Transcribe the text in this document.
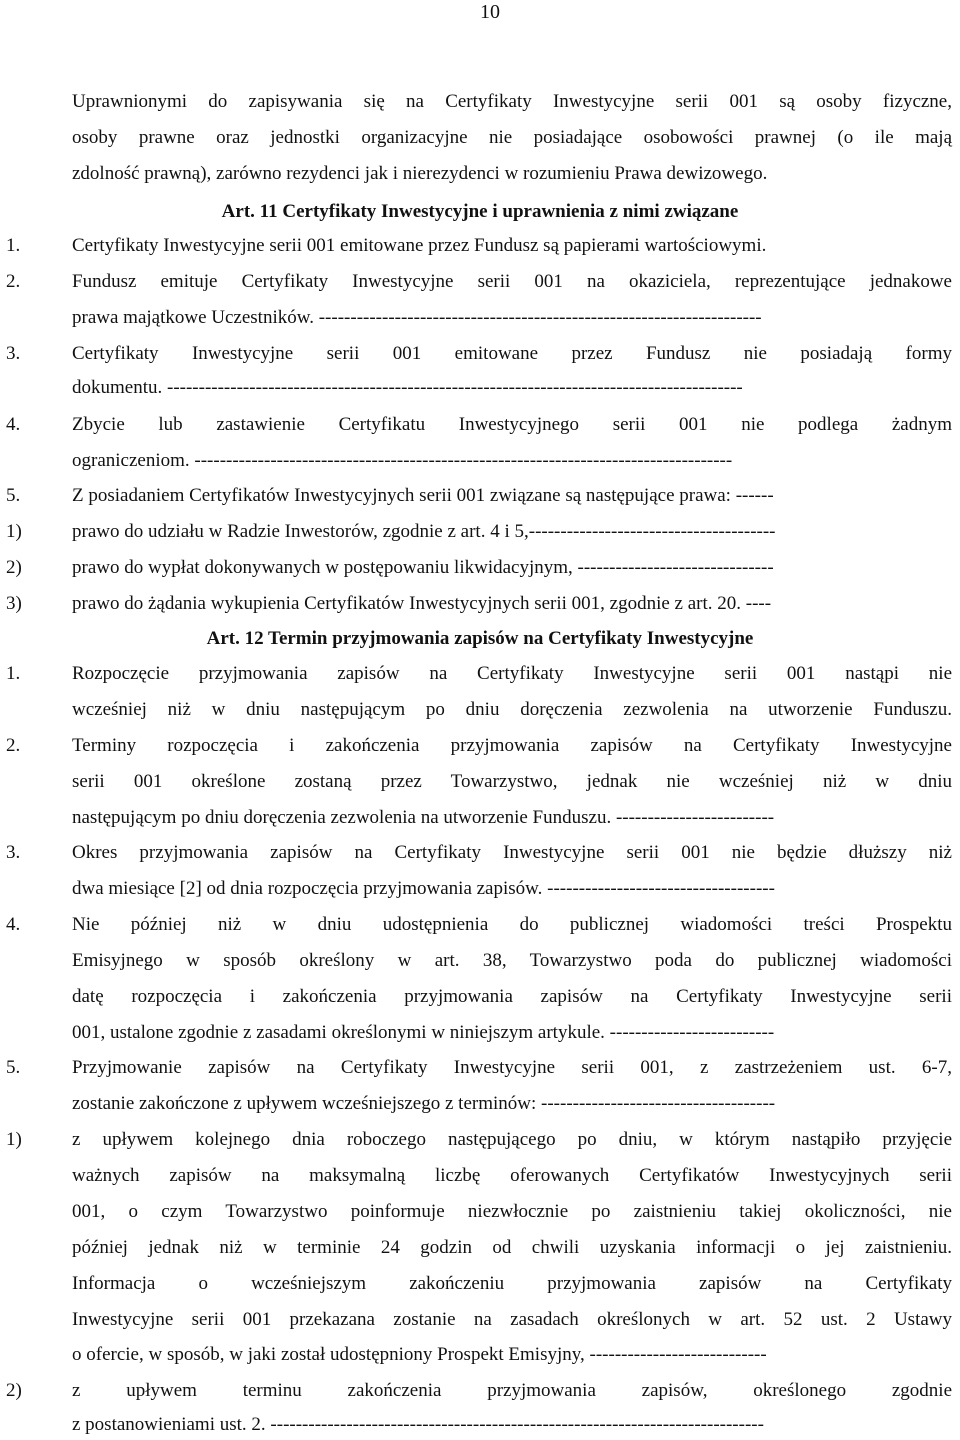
10
Uprawnionymi do zapisywania się na Certyfikaty Inwestycyjne serii 001 są osoby fizyczne,
osoby prawne oraz jednostki organizacyjne nie posiadające osobowości prawnej (o ile mają
zdolność prawną), zarówno rezydenci jak i nierezydenci w rozumieniu Prawa dewizowego.
Art. 11 Certyfikaty Inwestycyjne i uprawnienia z nimi związane
1.	Certyfikaty Inwestycyjne serii 001 emitowane przez Fundusz są papierami wartościowymi.
2.	Fundusz emituje Certyfikaty Inwestycyjne serii 001 na okaziciela, reprezentujące jednakowe
prawa majątkowe Uczestników. ----------------------------------------------------------------------
3.	Certyfikaty Inwestycyjne serii 001 emitowane przez Fundusz nie posiadają formy
dokumentu. -------------------------------------------------------------------------------------------
4.	Zbycie lub zastawienie Certyfikatu Inwestycyjnego serii 001 nie podlega żadnym
ograniczeniom. -------------------------------------------------------------------------------------
5.	Z posiadaniem Certyfikatów Inwestycyjnych serii 001 związane są następujące prawa: ------
1)	prawo do udziału w Radzie Inwestorów, zgodnie z art. 4 i 5,---------------------------------------
2)	prawo do wypłat dokonywanych w postępowaniu likwidacyjnym, -------------------------------
3)	prawo do żądania wykupienia Certyfikatów Inwestycyjnych serii 001, zgodnie z art. 20. ----
Art. 12 Termin przyjmowania zapisów na Certyfikaty Inwestycyjne
1.	Rozpoczęcie przyjmowania zapisów na Certyfikaty Inwestycyjne serii 001 nastąpi nie
wcześniej niż w dniu następującym po dniu doręczenia zezwolenia na utworzenie Funduszu.
2.	Terminy rozpoczęcia i zakończenia przyjmowania zapisów na Certyfikaty Inwestycyjne
serii 001 określone zostaną przez Towarzystwo, jednak nie wcześniej niż w dniu
następującym po dniu doręczenia zezwolenia na utworzenie Funduszu. -------------------------
3.	Okres przyjmowania zapisów na Certyfikaty Inwestycyjne serii 001 nie będzie dłuższy niż
dwa miesiące [2] od dnia rozpoczęcia przyjmowania zapisów. ------------------------------------
4.	Nie później niż w dniu udostępnienia do publicznej wiadomości treści Prospektu
Emisyjnego w sposób określony w art. 38, Towarzystwo poda do publicznej wiadomości
datę rozpoczęcia i zakończenia przyjmowania zapisów na Certyfikaty Inwestycyjne serii
001, ustalone zgodnie z zasadami określonymi w niniejszym artykule. --------------------------
5.	Przyjmowanie zapisów na Certyfikaty Inwestycyjne serii 001, z zastrzeżeniem ust. 6-7,
zostanie zakończone z upływem wcześniejszego z terminów: -------------------------------------
1)	z upływem kolejnego dnia roboczego następującego po dniu, w którym nastąpiło przyjęcie
ważnych zapisów na maksymalną liczbę oferowanych Certyfikatów Inwestycyjnych serii
001, o czym Towarzystwo poinformuje niezwłocznie po zaistnieniu takiej okoliczności, nie
później jednak niż w terminie 24 godzin od chwili uzyskania informacji o jej zaistnieniu.
Informacja o wcześniejszym zakończeniu przyjmowania zapisów na Certyfikaty
Inwestycyjne serii 001 przekazana zostanie na zasadach określonych w art. 52 ust. 2 Ustawy
o ofercie, w sposób, w jaki został udostępniony Prospekt Emisyjny, ----------------------------
2)	z upływem terminu zakończenia przyjmowania zapisów, określonego zgodnie
z postanowieniami ust. 2. ------------------------------------------------------------------------------
